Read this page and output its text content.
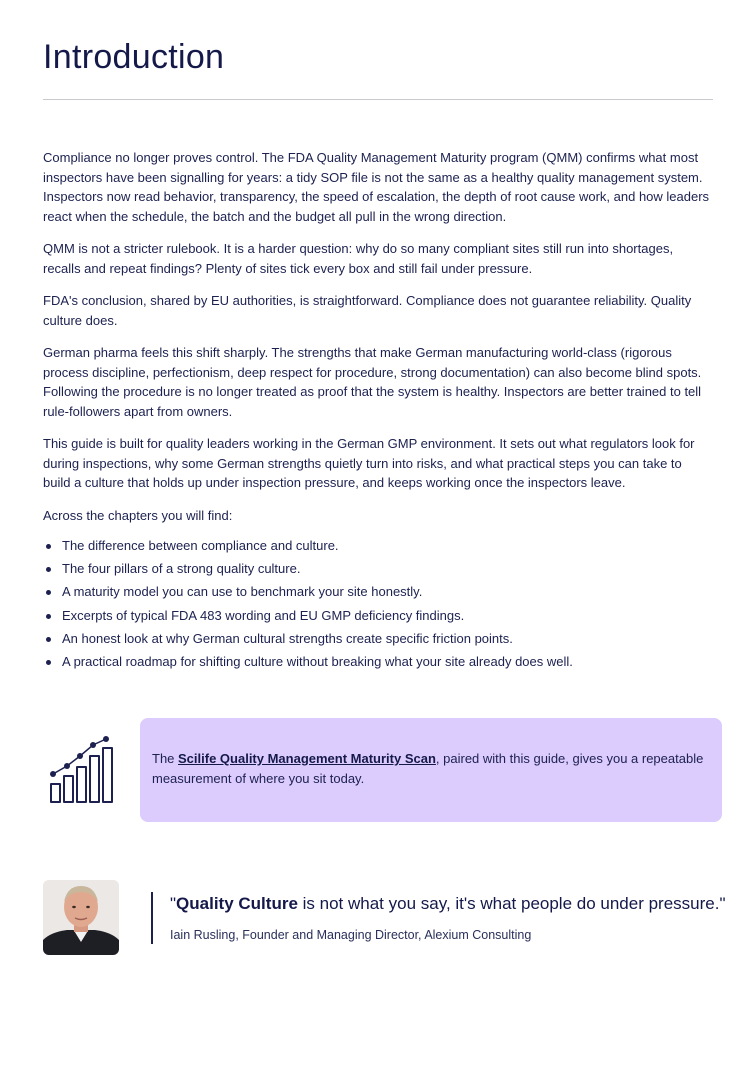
Introduction

Compliance no longer proves control. The FDA Quality Management Maturity program (QMM) confirms what most inspectors have been signalling for years: a tidy SOP file is not the same as a healthy quality management system. Inspectors now read behavior, transparency, the speed of escalation, the depth of root cause work, and how leaders react when the schedule, the batch and the budget all pull in the wrong direction.

QMM is not a stricter rulebook. It is a harder question: why do so many compliant sites still run into shortages, recalls and repeat findings? Plenty of sites tick every box and still fail under pressure.

FDA's conclusion, shared by EU authorities, is straightforward. Compliance does not guarantee reliability. Quality culture does.

German pharma feels this shift sharply. The strengths that make German manufacturing world-class (rigorous process discipline, perfectionism, deep respect for procedure, strong documentation) can also become blind spots. Following the procedure is no longer treated as proof that the system is healthy. Inspectors are better trained to tell rule-followers apart from owners.

This guide is built for quality leaders working in the German GMP environment. It sets out what regulators look for during inspections, why some German strengths quietly turn into risks, and what practical steps you can take to build a culture that holds up under inspection pressure, and keeps working once the inspectors leave.

Across the chapters you will find:

The difference between compliance and culture.
The four pillars of a strong quality culture.
A maturity model you can use to benchmark your site honestly.
Excerpts of typical FDA 483 wording and EU GMP deficiency findings.
An honest look at why German cultural strengths create specific friction points.
A practical roadmap for shifting culture without breaking what your site already does well.
The Scilife Quality Management Maturity Scan, paired with this guide, gives you a repeatable measurement of where you sit today.
"Quality Culture is not what you say, it's what people do under pressure."
Iain Rusling, Founder and Managing Director, Alexium Consulting
